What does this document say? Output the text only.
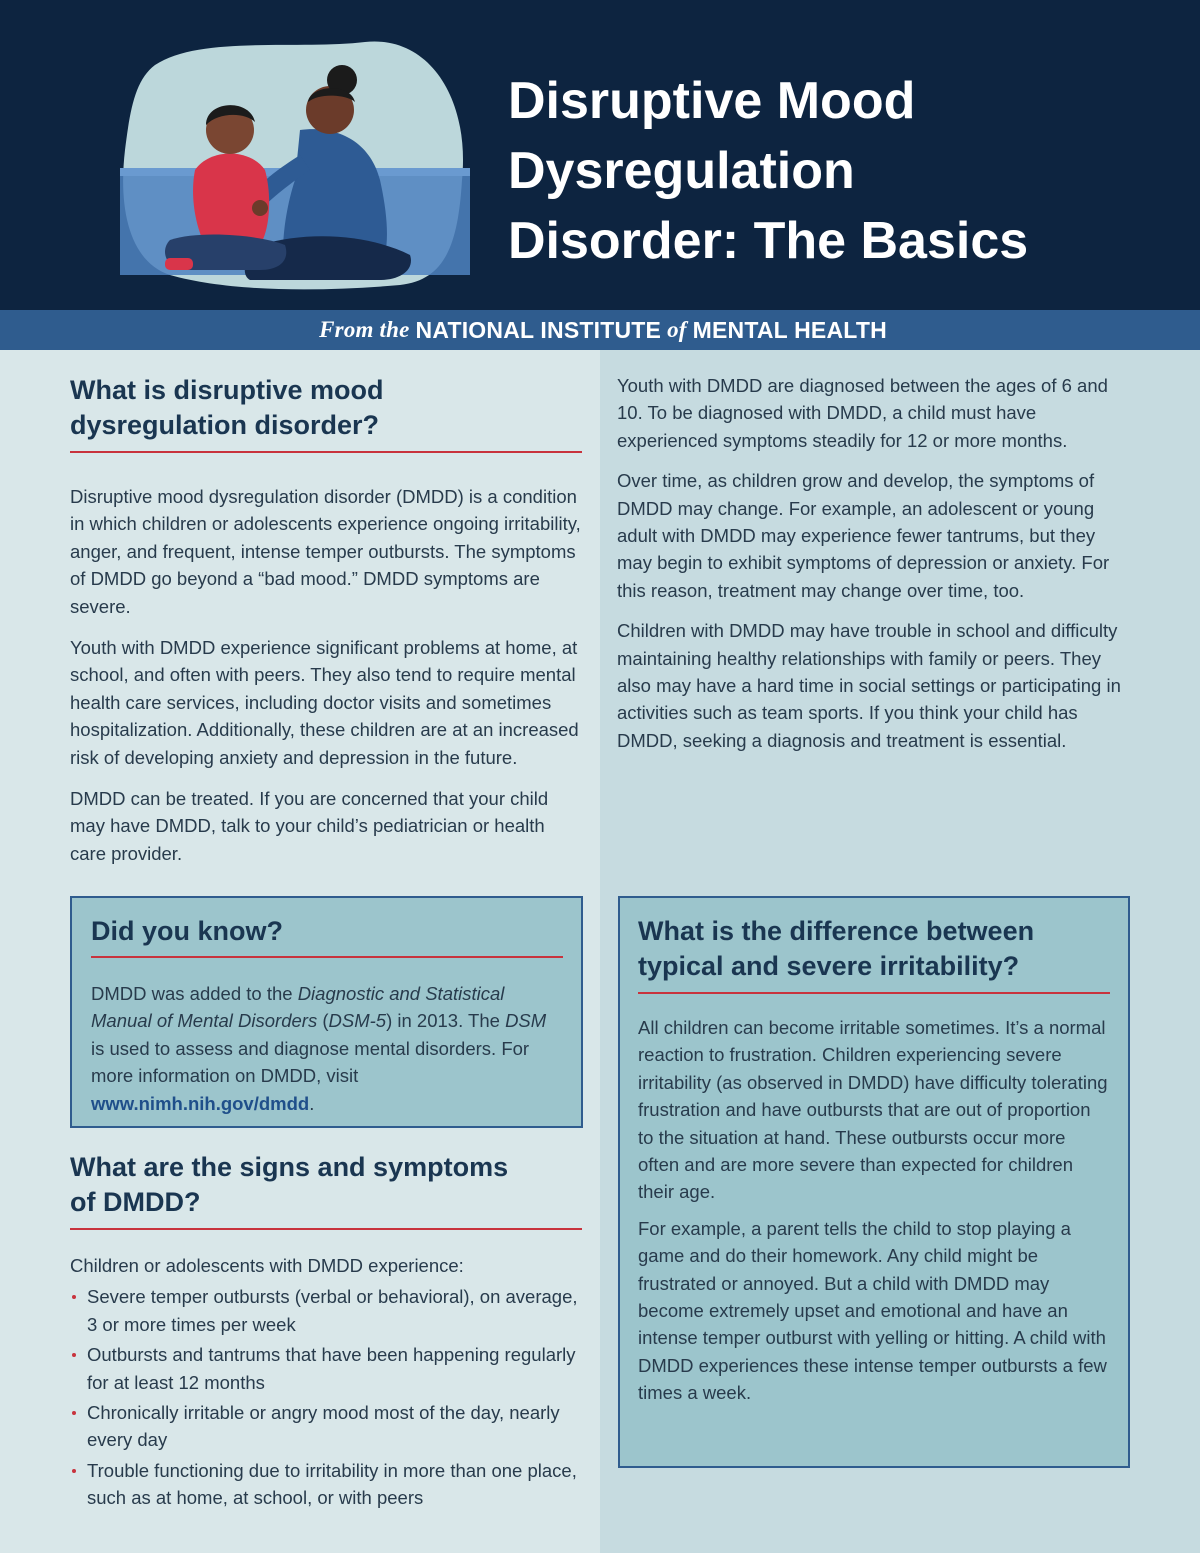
Disruptive Mood
Dysregulation
Disorder: The Basics
From the NATIONAL INSTITUTE of MENTAL HEALTH
What is disruptive mood
dysregulation disorder?

Disruptive mood dysregulation disorder (DMDD) is a condition in which children or adolescents experience ongoing irritability, anger, and frequent, intense temper outbursts. The symptoms of DMDD go beyond a “bad mood.” DMDD symptoms are severe.

Youth with DMDD experience significant problems at home, at school, and often with peers. They also tend to require mental health care services, including doctor visits and sometimes hospitalization. Additionally, these children are at an increased risk of developing anxiety and depression in the future.

DMDD can be treated. If you are concerned that your child may have DMDD, talk to your child’s pediatrician or health care provider.

Youth with DMDD are diagnosed between the ages of 6 and 10. To be diagnosed with DMDD, a child must have experienced symptoms steadily for 12 or more months.

Over time, as children grow and develop, the symptoms of DMDD may change. For example, an adolescent or young adult with DMDD may experience fewer tantrums, but they may begin to exhibit symptoms of depression or anxiety. For this reason, treatment may change over time, too.

Children with DMDD may have trouble in school and difficulty maintaining healthy relationships with family or peers. They also may have a hard time in social settings or participating in activities such as team sports. If you think your child has DMDD, seeking a diagnosis and treatment is essential.

Did you know?

DMDD was added to the Diagnostic and Statistical Manual of Mental Disorders (DSM-5) in 2013. The DSM is used to assess and diagnose mental disorders. For more information on DMDD, visit www.nimh.nih.gov/dmdd.

What are the signs and symptoms
of DMDD?

Children or adolescents with DMDD experience:

Severe temper outbursts (verbal or behavioral), on average, 3 or more times per week
Outbursts and tantrums that have been happening regularly for at least 12 months
Chronically irritable or angry mood most of the day, nearly every day
Trouble functioning due to irritability in more than one place, such as at home, at school, or with peers
What is the difference between
typical and severe irritability?

All children can become irritable sometimes. It’s a normal reaction to frustration. Children experiencing severe irritability (as observed in DMDD) have difficulty tolerating frustration and have outbursts that are out of proportion to the situation at hand. These outbursts occur more often and are more severe than expected for children their age.

For example, a parent tells the child to stop playing a game and do their homework. Any child might be frustrated or annoyed. But a child with DMDD may become extremely upset and emotional and have an intense temper outburst with yelling or hitting. A child with DMDD experiences these intense temper outbursts a few times a week.
